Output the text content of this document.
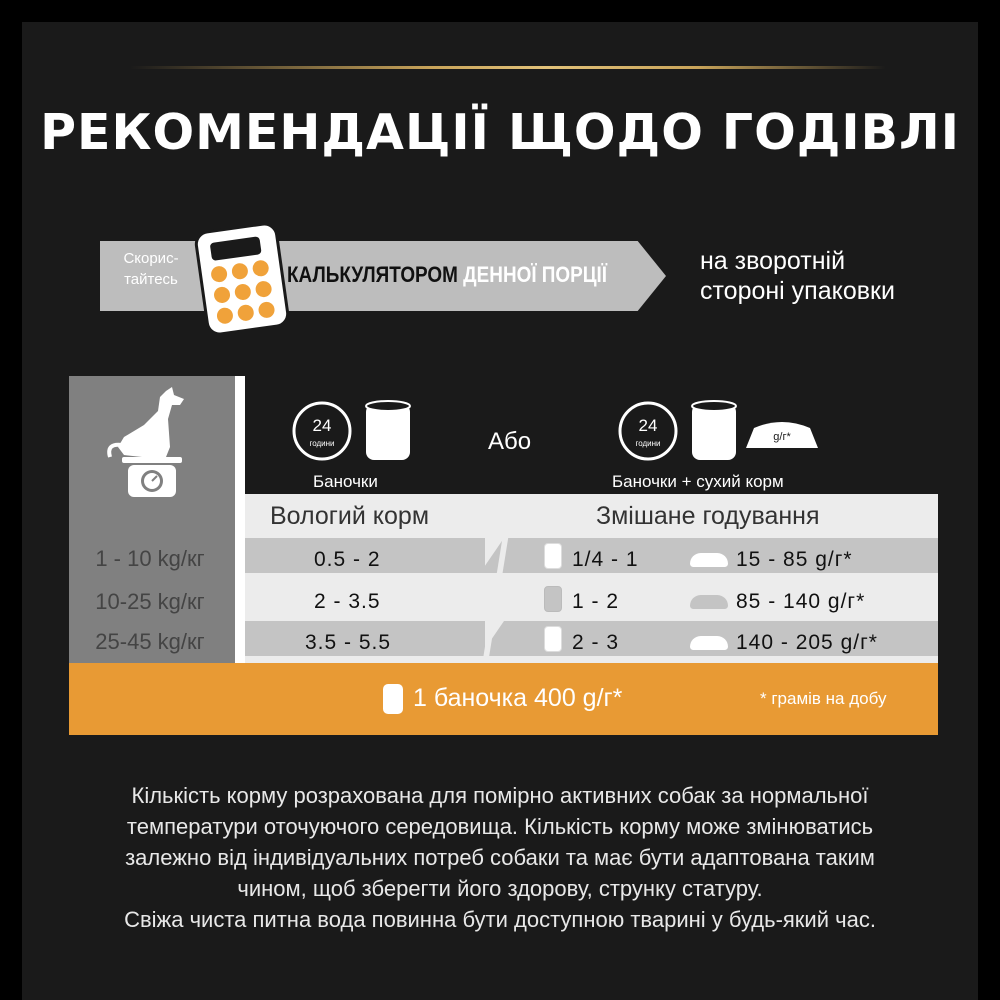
РЕКОМЕНДАЦІЇ ЩОДО ГОДІВЛІ
Скорис-
тайтесь	КАЛЬКУЛЯТОРОМ ДЕННОЇ ПОРЦІЇ	на зворотній
стороні упаковки
24
години
Баночки
Або
24
години
g/г*
Баночки + сухий корм
Вологий корм	Змішане годування
1 - 10 kg/кг	0.5 - 2	1/4 - 1	15 - 85 g/г*
10-25 kg/кг	2 - 3.5	1 - 2	85 - 140 g/г*
25-45 kg/кг	3.5 - 5.5	2 - 3	140 - 205 g/г*
1 баночка 400 g/г*	* грамів на добу
Кількість корму розрахована для помірно активних собак за нормальної
температури оточуючого середовища. Кількість корму може змінюватись
залежно від індивідуальних потреб собаки та має бути адаптована таким
чином, щоб зберегти його здорову, струнку статуру.
Свіжа чиста питна вода повинна бути доступною тварині у будь-який час.
